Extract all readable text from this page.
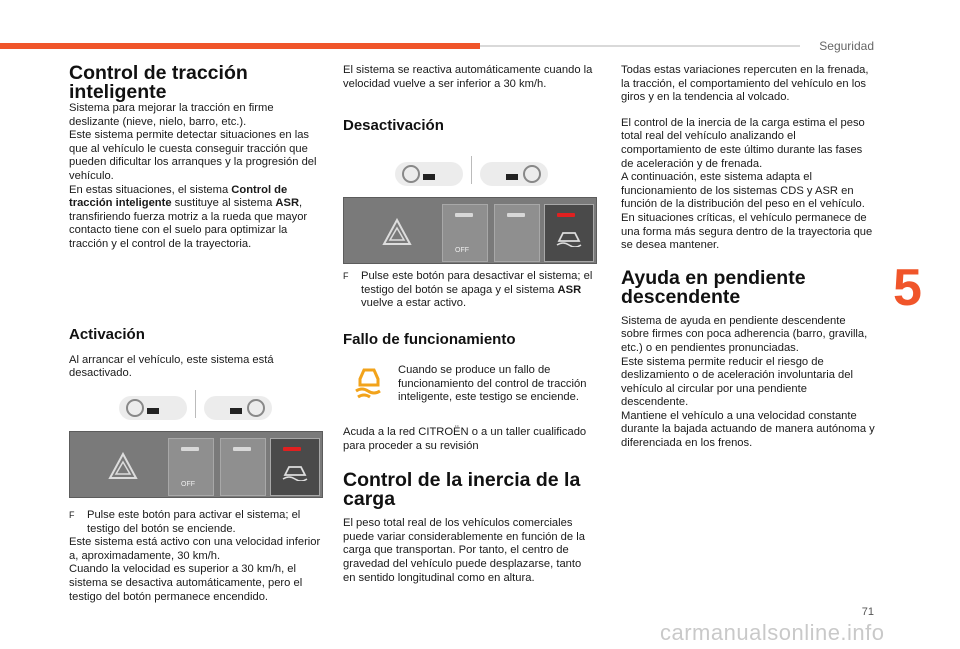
Seguridad
5
71
carmanualsonline.info
Control de tracción inteligente

Sistema para mejorar la tracción en firme deslizante (nieve, nielo, barro, etc.).

Este sistema permite detectar situaciones en las que al vehículo le cuesta conseguir tracción que pueden dificultar los arranques y la progresión del vehículo.

En estas situaciones, el sistema Control de tracción inteligente sustituye al sistema ASR, transfiriendo fuerza motriz a la rueda que mayor contacto tiene con el suelo para optimizar la tracción y el control de la trayectoria.

Activación

Al arrancar el vehículo, este sistema está desactivado.

OFF
F Pulse este botón para activar el sistema; el testigo del botón se enciende.

Este sistema está activo con una velocidad inferior a, aproximadamente, 30 km/h.

Cuando la velocidad es superior a 30 km/h, el sistema se desactiva automáticamente, pero el testigo del botón permanece encendido.

El sistema se reactiva automáticamente cuando la velocidad vuelve a ser inferior a 30 km/h.

Desactivación
OFF
F Pulse este botón para desactivar el sistema; el testigo del botón se apaga y el sistema ASR vuelve a estar activo.
Fallo de funcionamiento

Cuando se produce un fallo de funcionamiento del control de tracción inteligente, este testigo se enciende.

Acuda a la red CITROËN o a un taller cualificado para proceder a su revisión

Control de la inercia de la carga

El peso total real de los vehículos comerciales puede variar considerablemente en función de la carga que transportan. Por tanto, el centro de gravedad del vehículo puede desplazarse, tanto en sentido longitudinal como en altura.

Todas estas variaciones repercuten en la frenada, la tracción, el comportamiento del vehículo en los giros y en la tendencia al volcado.

El control de la inercia de la carga estima el peso total real del vehículo analizando el comportamiento de este último durante las fases de aceleración y de frenada.

A continuación, este sistema adapta el funcionamiento de los sistemas CDS y ASR en función de la distribución del peso en el vehículo. En situaciones críticas, el vehículo permanece de una forma más segura dentro de la trayectoria que se desea mantener.

Ayuda en pendiente descendente

Sistema de ayuda en pendiente descendente sobre firmes con poca adherencia (barro, gravilla, etc.) o en pendientes pronunciadas.

Este sistema permite reducir el riesgo de deslizamiento o de aceleración involuntaria del vehículo al circular por una pendiente descendente.

Mantiene el vehículo a una velocidad constante durante la bajada actuando de manera autónoma y diferenciada en los frenos.
